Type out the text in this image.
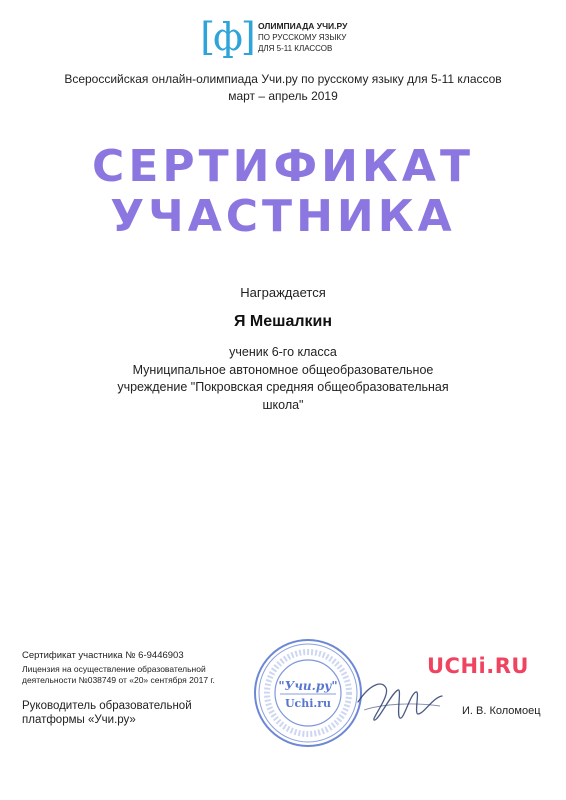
[ф] ОЛИМПИАДА УЧИ.РУ
ПО РУССКОМУ ЯЗЫКУ
ДЛЯ 5-11 КЛАССОВ
Всероссийская онлайн-олимпиада Учи.ру по русскому языку для 5-11 классов
март – апрель 2019
СЕРТИФИКАТ
УЧАСТНИКА
Награждается
Я Мешалкин
ученик 6-го класса
Муниципальное автономное общеобразовательное
учреждение "Покровская средняя общеобразовательная
школа"
Сертификат участника № 6-9446903
Лицензия на осуществление образовательной
деятельности №038749 от «20» сентября 2017 г.
Руководитель образовательной
платформы «Учи.ру»
"Учи.ру"
Uchi.ru
UCHi.RU
И. В. Коломоец
